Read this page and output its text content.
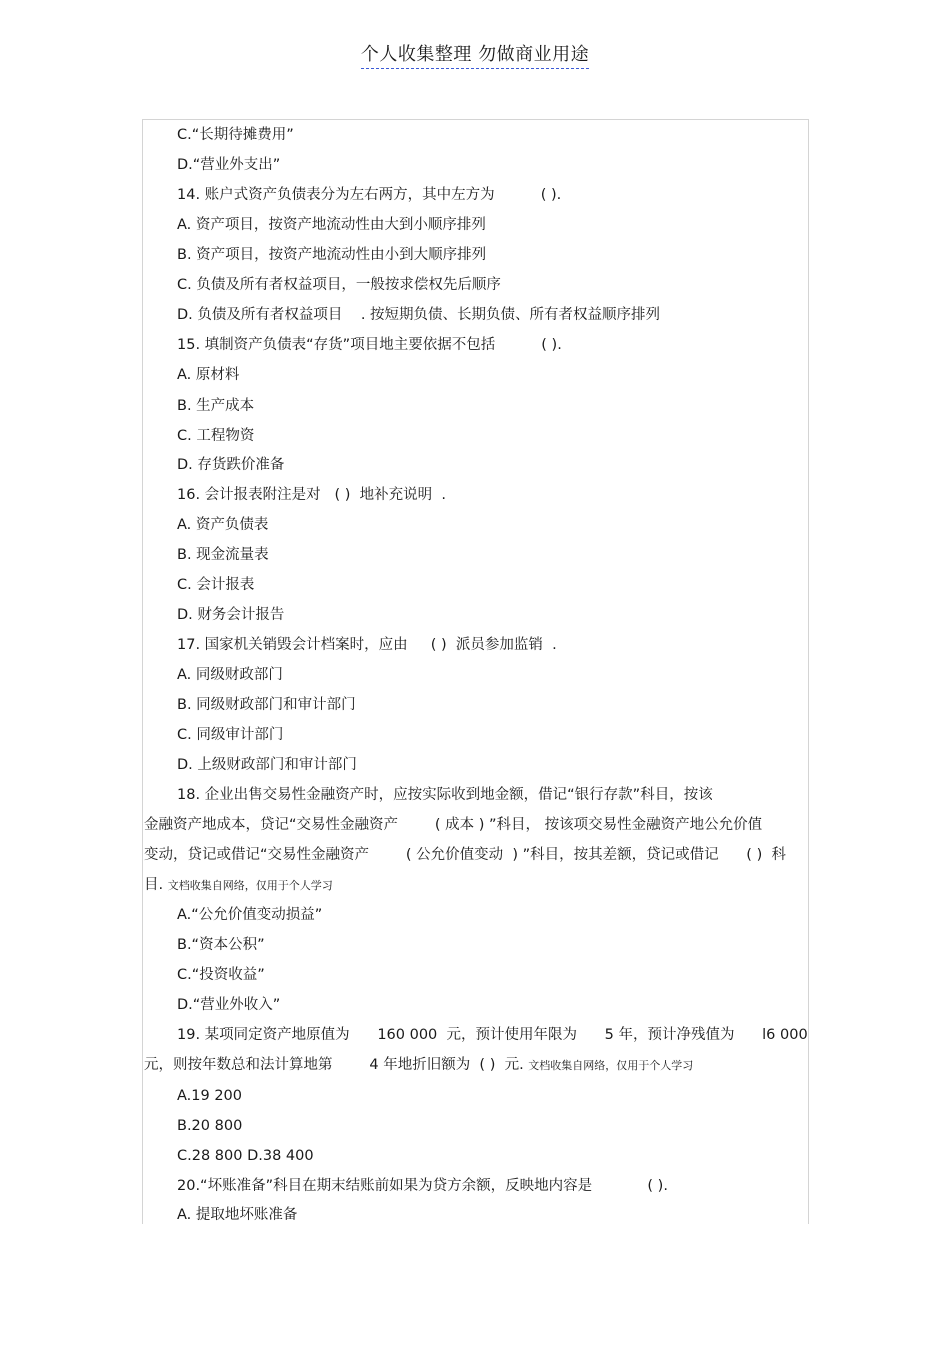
个人收集整理 勿做商业用途
C.“长期待摊费用”
D.“营业外支出”
14. 账户式资产负债表分为左右两方，其中左方为          ( ).
A. 资产项目，按资产地流动性由大到小顺序排列
B. 资产项目，按资产地流动性由小到大顺序排列
C. 负债及所有者权益项目，一般按求偿权先后顺序
D. 负债及所有者权益项目    . 按短期负债、长期负债、所有者权益顺序排列
15. 填制资产负债表“存货”项目地主要依据不包括          ( ).
A. 原材料
B. 生产成本
C. 工程物资
D. 存货跌价准备
16. 会计报表附注是对   ( )  地补充说明  .
A. 资产负债表
B. 现金流量表
C. 会计报表
D. 财务会计报告
17. 国家机关销毁会计档案时，应由     ( )  派员参加监销  .
A. 同级财政部门
B. 同级财政部门和审计部门
C. 同级审计部门
D. 上级财政部门和审计部门
18. 企业出售交易性金融资产时，应按实际收到地金额，借记“银行存款”科目，按该
金融资产地成本，贷记“交易性金融资产        ( 成本 ) ”科目， 按该项交易性金融资产地公允价值
变动，贷记或借记“交易性金融资产        ( 公允价值变动  ) ”科目，按其差额，贷记或借记      ( )  科
目. 文档收集自网络，仅用于个人学习
A.“公允价值变动损益”
B.“资本公积”
C.“投资收益”
D.“营业外收入”
19. 某项同定资产地原值为      160 000  元，预计使用年限为      5 年，预计净残值为      l6 000
元，则按年数总和法计算地第        4 年地折旧额为  ( )  元. 文档收集自网络，仅用于个人学习
A.19 200
B.20 800
C.28 800 D.38 400
20.“坏账准备”科目在期末结账前如果为贷方余额，反映地内容是            ( ).
A. 提取地坏账准备
